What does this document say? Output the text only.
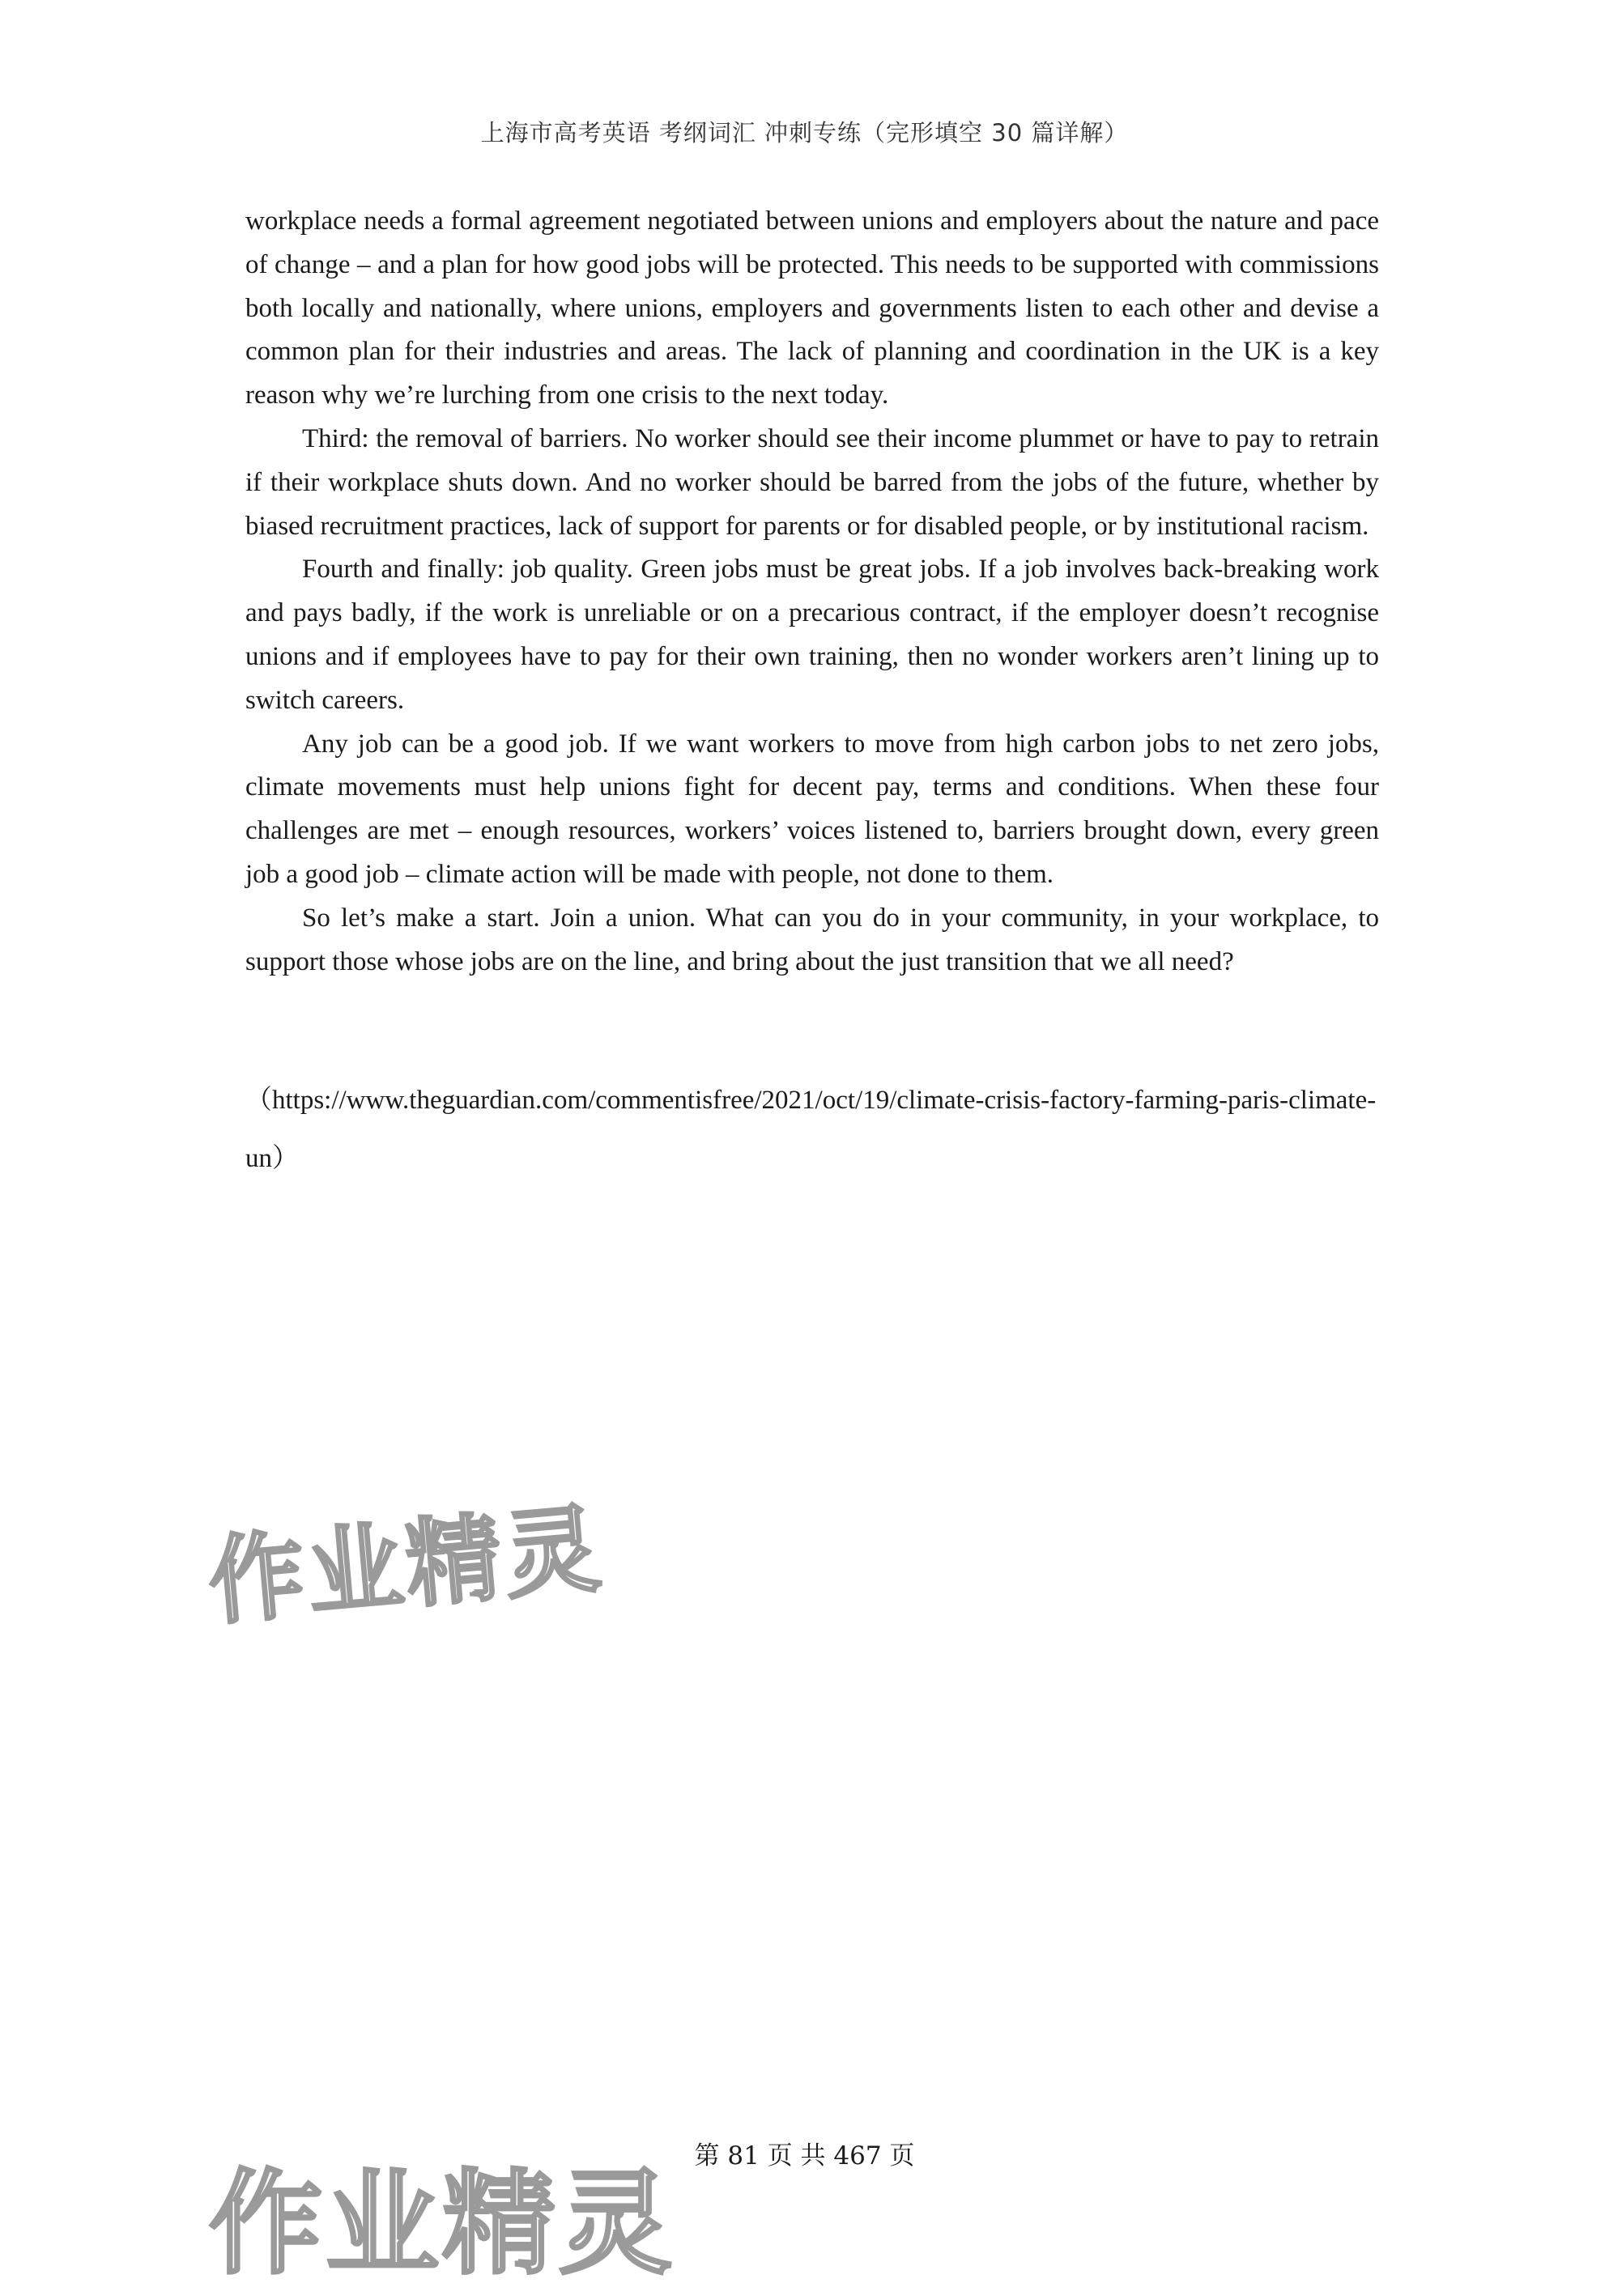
上海市高考英语 考纲词汇 冲刺专练（完形填空 30 篇详解）

workplace needs a formal agreement negotiated between unions and employers about the nature and pace of change – and a plan for how good jobs will be protected. This needs to be supported with commissions both locally and nationally, where unions, employers and governments listen to each other and devise a common plan for their industries and areas. The lack of planning and coordination in the UK is a key reason why we’re lurching from one crisis to the next today.

Third: the removal of barriers. No worker should see their income plummet or have to pay to retrain if their workplace shuts down. And no worker should be barred from the jobs of the future, whether by biased recruitment practices, lack of support for parents or for disabled people, or by institutional racism.

Fourth and finally: job quality. Green jobs must be great jobs. If a job involves back-breaking work and pays badly, if the work is unreliable or on a precarious contract, if the employer doesn’t recognise unions and if employees have to pay for their own training, then no wonder workers aren’t lining up to switch careers.

Any job can be a good job. If we want workers to move from high carbon jobs to net zero jobs, climate movements must help unions fight for decent pay, terms and conditions. When these four challenges are met – enough resources, workers’ voices listened to, barriers brought down, every green job a good job – climate action will be made with people, not done to them.

So let’s make a start. Join a union. What can you do in your community, in your workplace, to support those whose jobs are on the line, and bring about the just transition that we all need?

（https://www.theguardian.com/commentisfree/2021/oct/19/climate-crisis-factory-farming-paris-climate-un）
作业精灵
第 81 页 共 467 页
作业精灵
